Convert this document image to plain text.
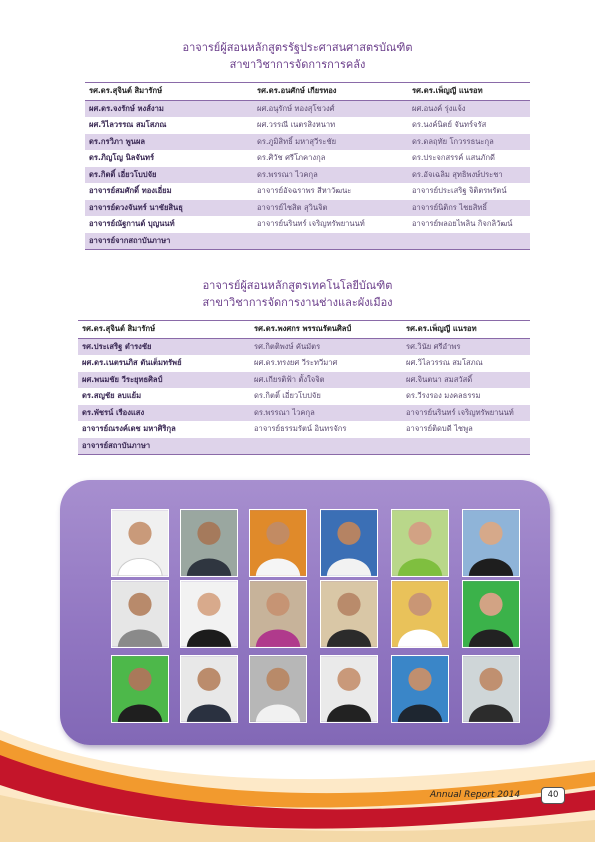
อาจารย์ผู้สอนหลักสูตรรัฐประศาสนศาสตรบัณฑิต
สาขาวิชาการจัดการการคลัง
รศ.ดร.สุจินต์ สิมารักษ์	รศ.ดร.อนศักษ์ เกียรทอง	รศ.ดร.เพ็ญญี แนรอท
ผศ.ดร.จงรักษ์ หงส์งาม	ผศ.อนุรักษ์ ทองสุโขวงศ์	ผศ.อนงค์ รุ่งแจ้ง
ผศ.วิไลวรรณ สมโสภณ	ผศ.วรรณี เนตรสิงหนาท	ดร.นงค์นิตย์ จันทร์จรัส
ดร.กรวิภา พูนผล	ดร.ภูมิสิทธิ์ มหาสุวีระชัย	ดร.ดลฤทัย โกวรรธนะกุล
ดร.ภิญโญ นิลจันทร์	ดร.ศิวัช ศรีโภคางกุล	ดร.ประจกสรรค์ แสนภักดี
ดร.กิตติ์ เอี่ยวโบปจัย	ดร.พรรณา ไวคกุล	ดร.อัจเฉลิม สุทธิพงษ์ประชา
อาจารย์สมศักดิ์ ทองเอี่ยม	อาจารย์อัจฉราพร สีหาวัฒนะ	อาจารย์ประเสริฐ จิติตรพรัตน์
อาจารย์ดวงจันทร์ นาชัยสินธุ	อาจารย์ไชสิต สุวินจิต	อาจารย์นิติกร ไชยสิทธิ์
อาจารย์ณัฐกานต์ บุญนนท์	อาจารย์นรินทร์ เจริญทรัพยานนท์	อาจารย์พลอยไพลิน กิจกลิวัฒน์
อาจารย์จากสถาบันภาษา		
อาจารย์ผู้สอนหลักสูตรเทคโนโลยีบัณฑิต
สาขาวิชาการจัดการงานช่างและผังเมือง
รศ.ดร.สุจินต์ สิมารักษ์	รศ.ดร.พงศกร พรรณรัตนศิลป์	รศ.ดร.เพ็ญญี แนรอท
รศ.ประเสริฐ ตำรงชัย	รศ.กิตติพงษ์ คันมัตร	รศ.วินัย ศรีอำพร
ผศ.ดร.เนตรนภิส ตันเต็มทรัพย์	ผศ.ดร.ทรงยศ วีระทวีมาศ	ผศ.วิไลวรรณ สมโสภณ
ผศ.พนมชัย วีระยุทธศิลป์	ผศ.เกียรติฟ้า ตั้งใจจิต	ผศ.จินตนา สมสวัสดิ์
ดร.สญชัย ลบแย้ม	ดร.กิตติ์ เอี่ยวโบปจัย	ดร.วีรงรอง มงคลธรรม
ดร.พัชรน์ เรืองแสง	ดร.พรรณา ไวคกุล	อาจารย์นรินทร์ เจริญทรัพยานนท์
อาจารย์ณรงค์เดช มหาศิริกุล	อาจารย์ธรรมรัตน์ อินทรจักร	อาจารย์ติดบดี ไชพูล
อาจารย์สถาบันภาษา		
Annual Report 2014	40
